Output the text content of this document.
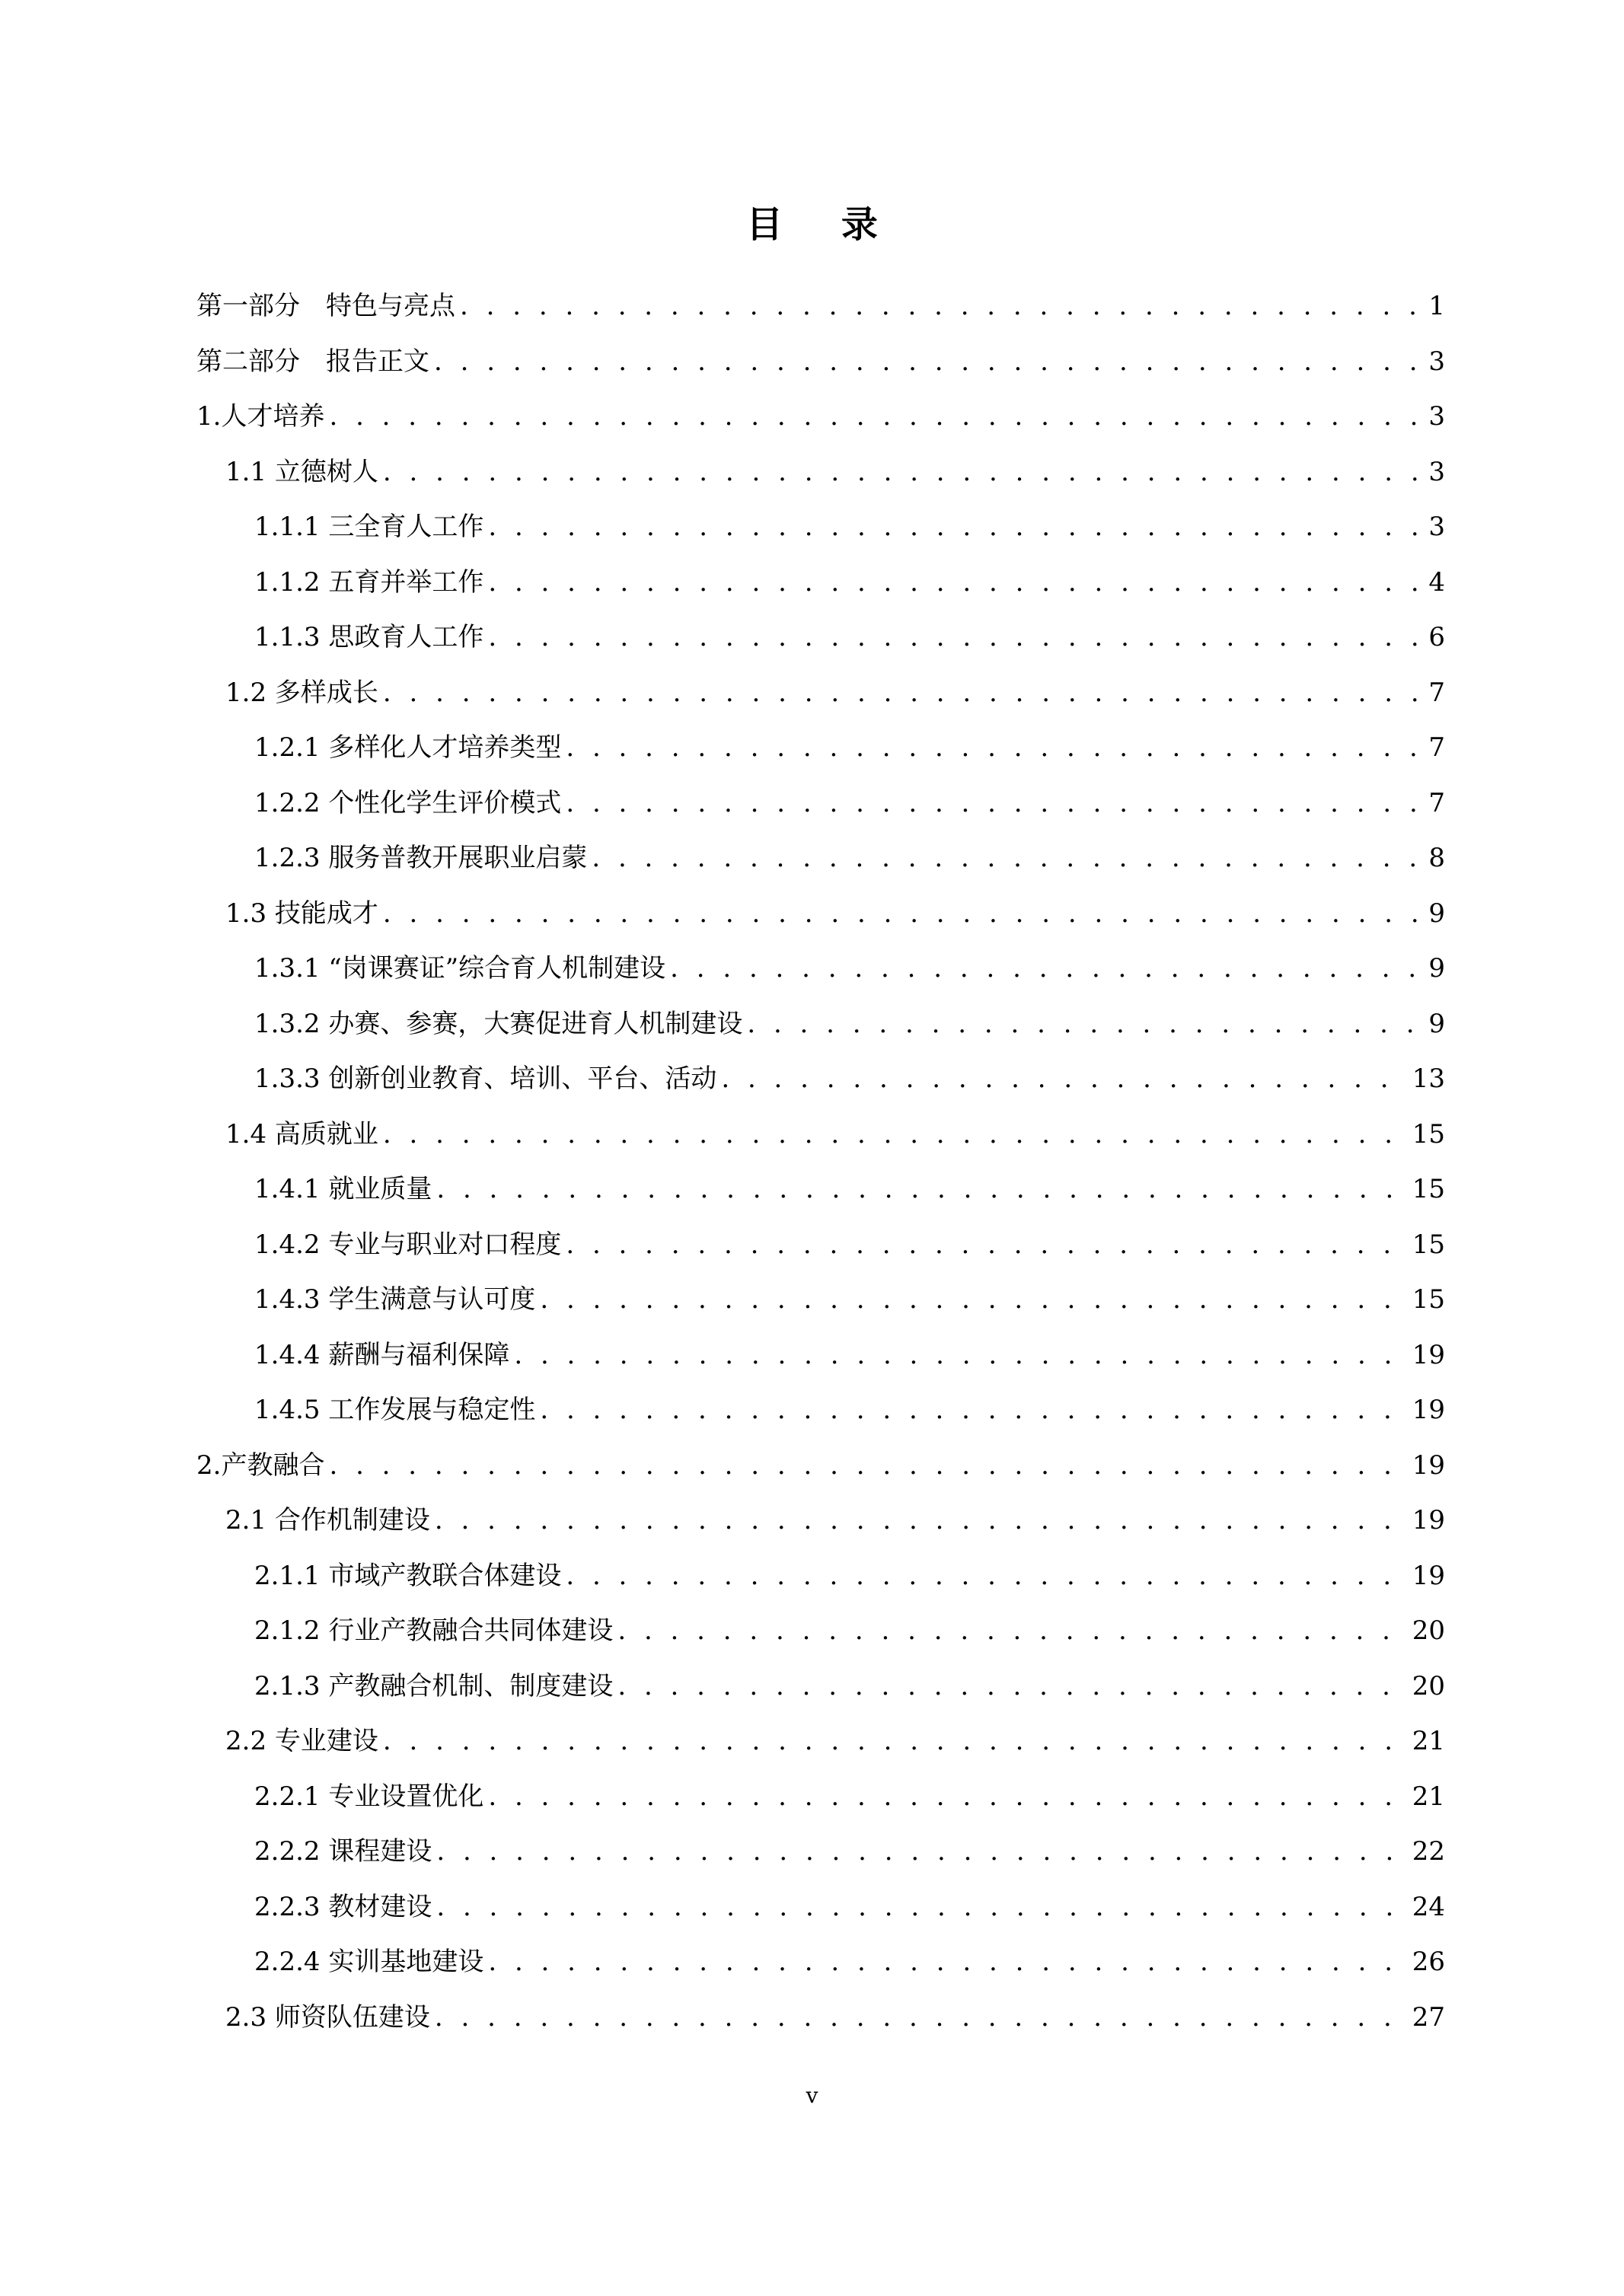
目 录
第一部分　特色与亮点 . . .	1
第二部分　报告正文 . . .	3
1.人才培养 . . .	3
1.1 立德树人 . . .	3
1.1.1 三全育人工作 . . .	3
1.1.2 五育并举工作 . . .	4
1.1.3 思政育人工作 . . .	6
1.2 多样成长 . . .	7
1.2.1 多样化人才培养类型 . . .	7
1.2.2 个性化学生评价模式 . . .	7
1.2.3 服务普教开展职业启蒙 . . .	8
1.3 技能成才 . . .	9
1.3.1 “岗课赛证”综合育人机制建设 . . .	9
1.3.2 办赛、参赛，大赛促进育人机制建设 . . .	9
1.3.3 创新创业教育、培训、平台、活动 . . .	13
1.4 高质就业 . . .	15
1.4.1 就业质量 . . .	15
1.4.2 专业与职业对口程度 . . .	15
1.4.3 学生满意与认可度 . . .	15
1.4.4 薪酬与福利保障 . . .	19
1.4.5 工作发展与稳定性 . . .	19
2.产教融合 . . .	19
2.1 合作机制建设 . . .	19
2.1.1 市域产教联合体建设 . . .	19
2.1.2 行业产教融合共同体建设 . . .	20
2.1.3 产教融合机制、制度建设 . . .	20
2.2 专业建设 . . .	21
2.2.1 专业设置优化 . . .	21
2.2.2 课程建设 . . .	22
2.2.3 教材建设 . . .	24
2.2.4 实训基地建设 . . .	26
2.3 师资队伍建设 . . .	27
v
